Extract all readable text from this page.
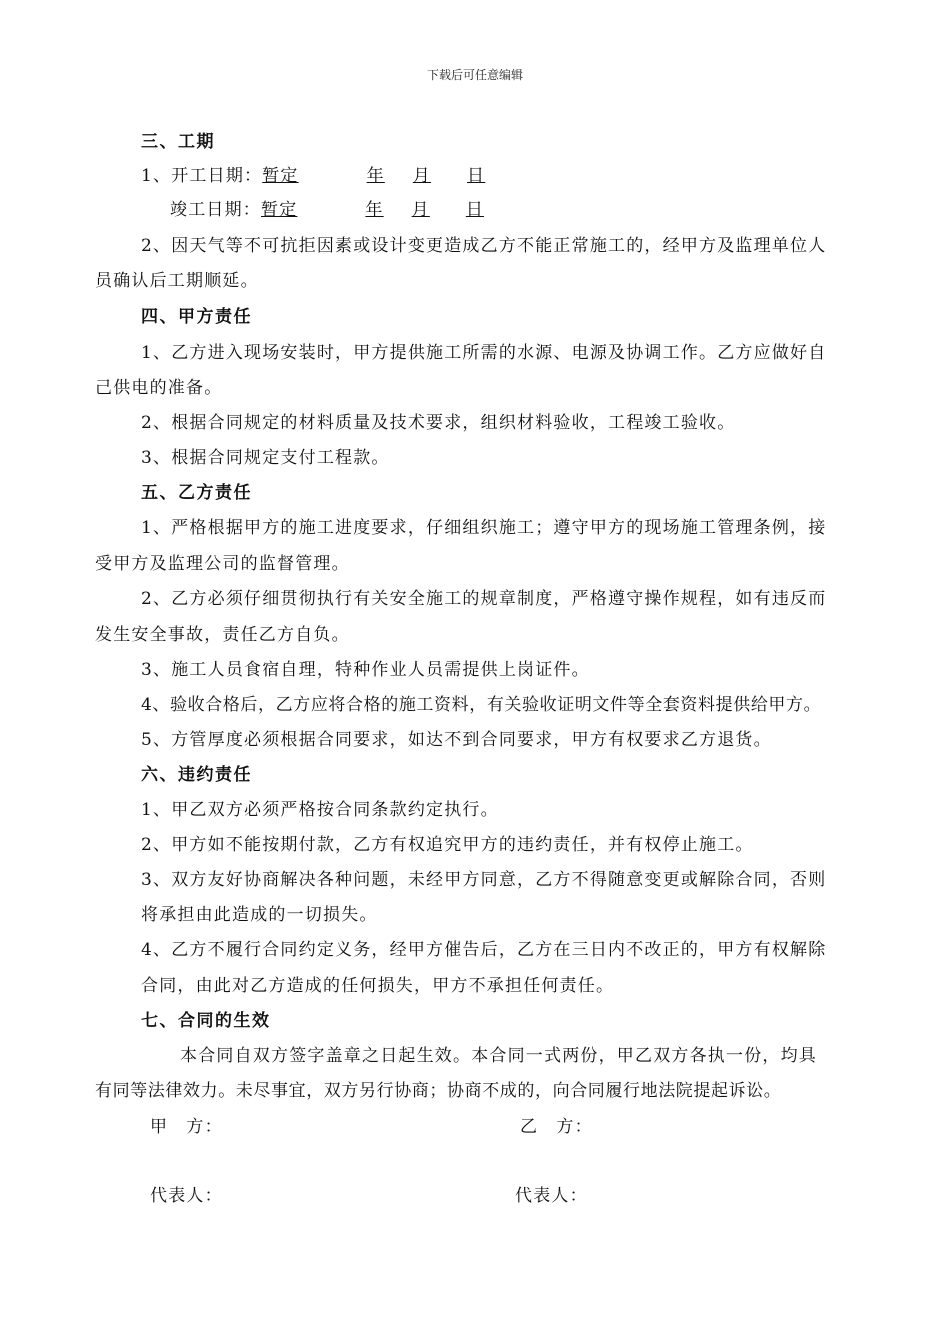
下载后可任意编辑
三、工期
1、开工日期：暂定	年 月 日
竣工日期：暂定	年 月 日
2、因天气等不可抗拒因素或设计变更造成乙方不能正常施工的，经甲方及监理单位人
员确认后工期顺延。
四、甲方责任
1、乙方进入现场安装时，甲方提供施工所需的水源、电源及协调工作。乙方应做好自
己供电的准备。
2、根据合同规定的材料质量及技术要求，组织材料验收，工程竣工验收。
3、根据合同规定支付工程款。
五、乙方责任
1、严格根据甲方的施工进度要求，仔细组织施工；遵守甲方的现场施工管理条例，接
受甲方及监理公司的监督管理。
2、乙方必须仔细贯彻执行有关安全施工的规章制度，严格遵守操作规程，如有违反而
发生安全事故，责任乙方自负。
3、施工人员食宿自理，特种作业人员需提供上岗证件。
4、验收合格后，乙方应将合格的施工资料，有关验收证明文件等全套资料提供给甲方。
5、方管厚度必须根据合同要求，如达不到合同要求，甲方有权要求乙方退货。
六、违约责任
1、甲乙双方必须严格按合同条款约定执行。
2、甲方如不能按期付款，乙方有权追究甲方的违约责任，并有权停止施工。
3、双方友好协商解决各种问题，未经甲方同意，乙方不得随意变更或解除合同，否则
将承担由此造成的一切损失。
4、乙方不履行合同约定义务，经甲方催告后，乙方在三日内不改正的，甲方有权解除
合同，由此对乙方造成的任何损失，甲方不承担任何责任。
七、合同的生效
本合同自双方签字盖章之日起生效。本合同一式两份，甲乙双方各执一份，均具
有同等法律效力。未尽事宜，双方另行协商；协商不成的，向合同履行地法院提起诉讼。
甲　方：	乙　方：
代表人：	代表人：
